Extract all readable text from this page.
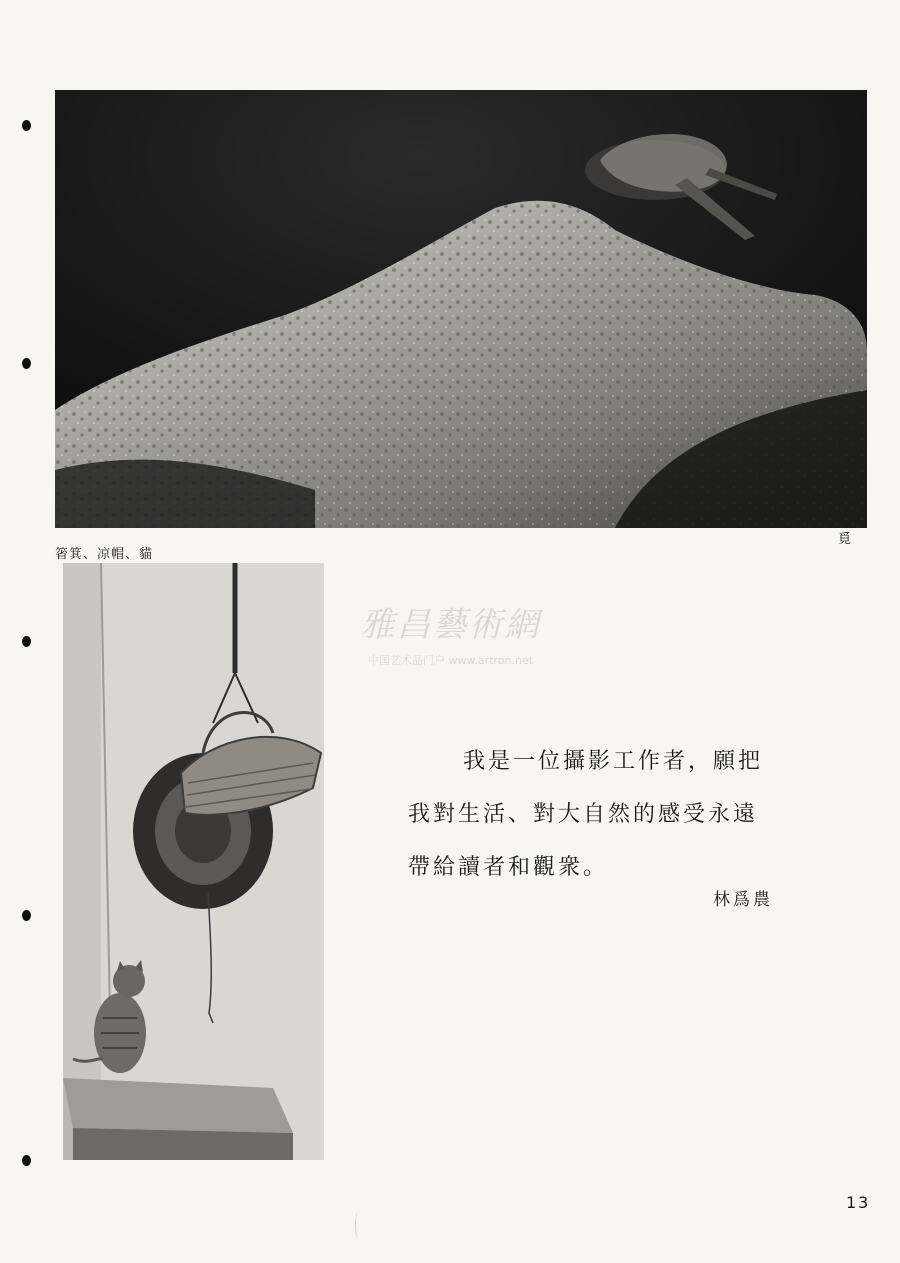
箵箕、凉帽、貓
覓
雅昌藝術網
中国艺术品门户 www.artron.net
我是一位攝影工作者，願把
我對生活、對大自然的感受永遠
帶給讀者和觀衆。
林爲農
13
